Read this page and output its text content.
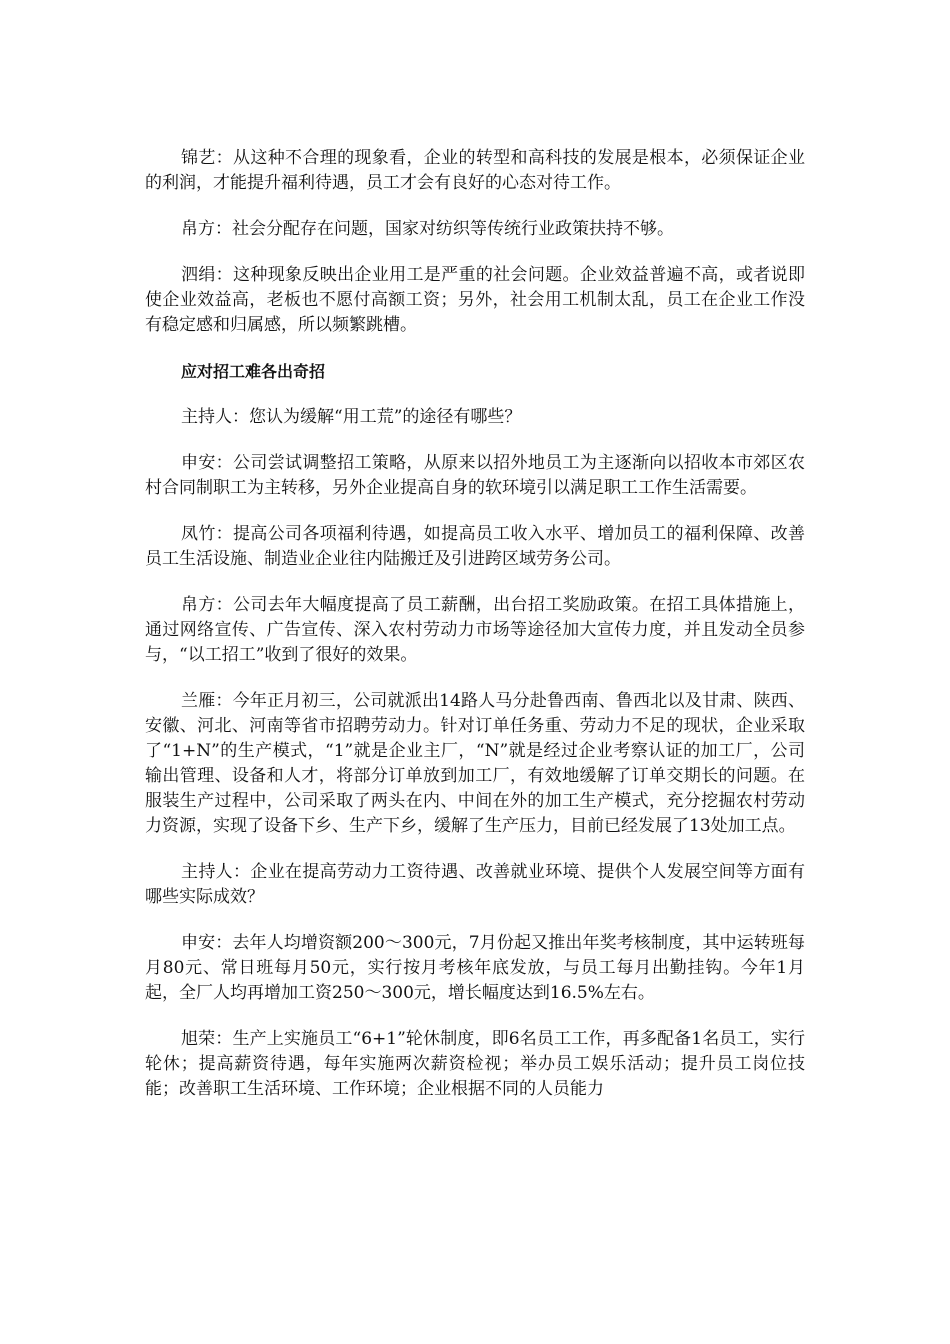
锦艺：从这种不合理的现象看，企业的转型和高科技的发展是根本，必须保证企业的利润，才能提升福利待遇，员工才会有良好的心态对待工作。

帛方：社会分配存在问题，国家对纺织等传统行业政策扶持不够。

泗绢：这种现象反映出企业用工是严重的社会问题。企业效益普遍不高，或者说即使企业效益高，老板也不愿付高额工资；另外，社会用工机制太乱，员工在企业工作没有稳定感和归属感，所以频繁跳槽。

应对招工难各出奇招

主持人：您认为缓解“用工荒”的途径有哪些？

申安：公司尝试调整招工策略，从原来以招外地员工为主逐渐向以招收本市郊区农村合同制职工为主转移，另外企业提高自身的软环境引以满足职工工作生活需要。

凤竹：提高公司各项福利待遇，如提高员工收入水平、增加员工的福利保障、改善员工生活设施、制造业企业往内陆搬迁及引进跨区域劳务公司。

帛方：公司去年大幅度提高了员工薪酬，出台招工奖励政策。在招工具体措施上，通过网络宣传、广告宣传、深入农村劳动力市场等途径加大宣传力度，并且发动全员参与，“以工招工”收到了很好的效果。

兰雁：今年正月初三，公司就派出14路人马分赴鲁西南、鲁西北以及甘肃、陕西、安徽、河北、河南等省市招聘劳动力。针对订单任务重、劳动力不足的现状，企业采取了“1+N”的生产模式，“1”就是企业主厂，“N”就是经过企业考察认证的加工厂，公司输出管理、设备和人才，将部分订单放到加工厂，有效地缓解了订单交期长的问题。在服装生产过程中，公司采取了两头在内、中间在外的加工生产模式，充分挖掘农村劳动力资源，实现了设备下乡、生产下乡，缓解了生产压力，目前已经发展了13处加工点。

主持人：企业在提高劳动力工资待遇、改善就业环境、提供个人发展空间等方面有哪些实际成效？

申安：去年人均增资额200～300元，7月份起又推出年奖考核制度，其中运转班每月80元、常日班每月50元，实行按月考核年底发放，与员工每月出勤挂钩。今年1月起，全厂人均再增加工资250～300元，增长幅度达到16.5%左右。

旭荣：生产上实施员工“6+1”轮休制度，即6名员工工作，再多配备1名员工，实行轮休；提高薪资待遇，每年实施两次薪资检视；举办员工娱乐活动；提升员工岗位技能；改善职工生活环境、工作环境；企业根据不同的人员能力
